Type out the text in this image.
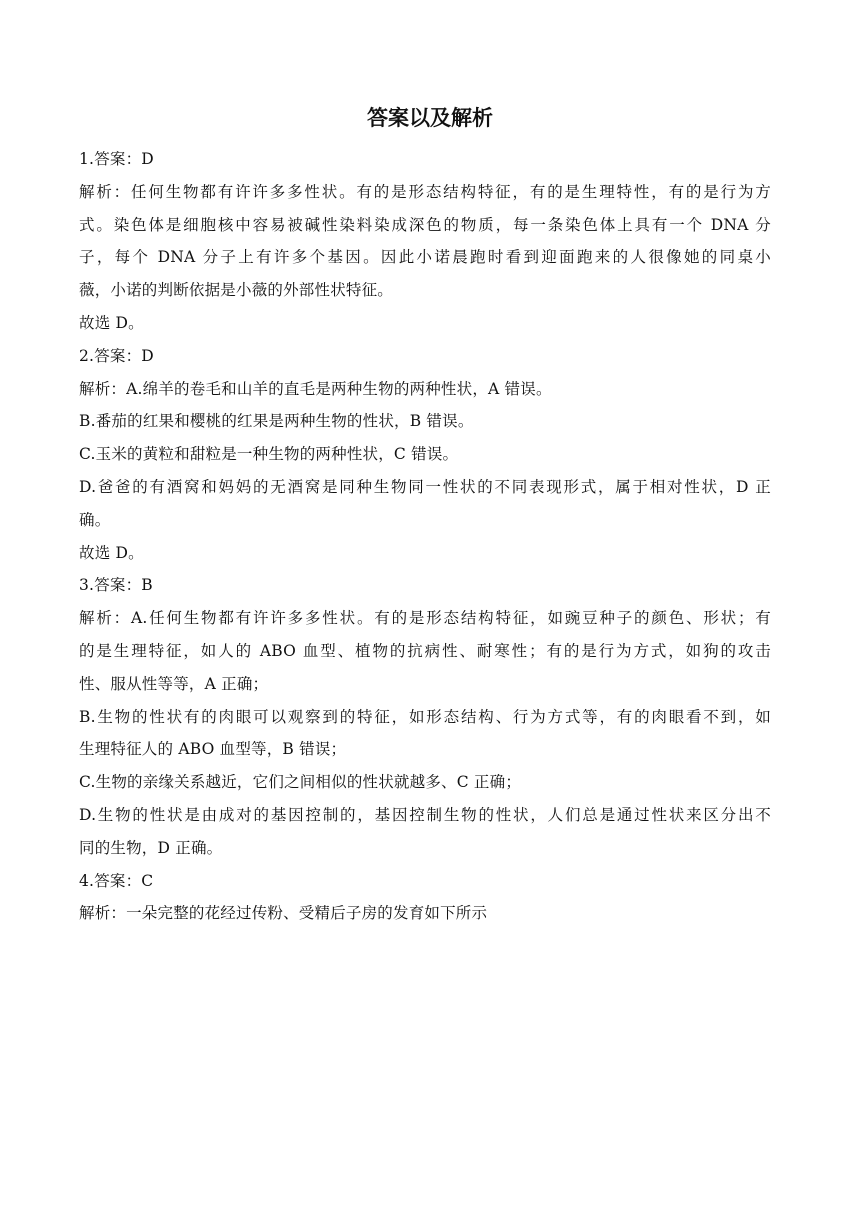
答案以及解析
1.答案：D
解析：任何生物都有许许多多性状。有的是形态结构特征，有的是生理特性，有的是行为方
式。染色体是细胞核中容易被碱性染料染成深色的物质，每一条染色体上具有一个 DNA 分
子，每个 DNA 分子上有许多个基因。因此小诺晨跑时看到迎面跑来的人很像她的同桌小
薇，小诺的判断依据是小薇的外部性状特征。
故选 D。
2.答案：D
解析：A.绵羊的卷毛和山羊的直毛是两种生物的两种性状，A 错误。
B.番茄的红果和樱桃的红果是两种生物的性状，B 错误。
C.玉米的黄粒和甜粒是一种生物的两种性状，C 错误。
D.爸爸的有酒窝和妈妈的无酒窝是同种生物同一性状的不同表现形式，属于相对性状，D 正
确。
故选 D。
3.答案：B
解析：A.任何生物都有许许多多性状。有的是形态结构特征，如豌豆种子的颜色、形状；有
的是生理特征，如人的 ABO 血型、植物的抗病性、耐寒性；有的是行为方式，如狗的攻击
性、服从性等等，A 正确；
B.生物的性状有的肉眼可以观察到的特征，如形态结构、行为方式等，有的肉眼看不到，如
生理特征人的 ABO 血型等，B 错误；
C.生物的亲缘关系越近，它们之间相似的性状就越多、C 正确；
D.生物的性状是由成对的基因控制的，基因控制生物的性状，人们总是通过性状来区分出不
同的生物，D 正确。
4.答案：C
解析：一朵完整的花经过传粉、受精后子房的发育如下所示
